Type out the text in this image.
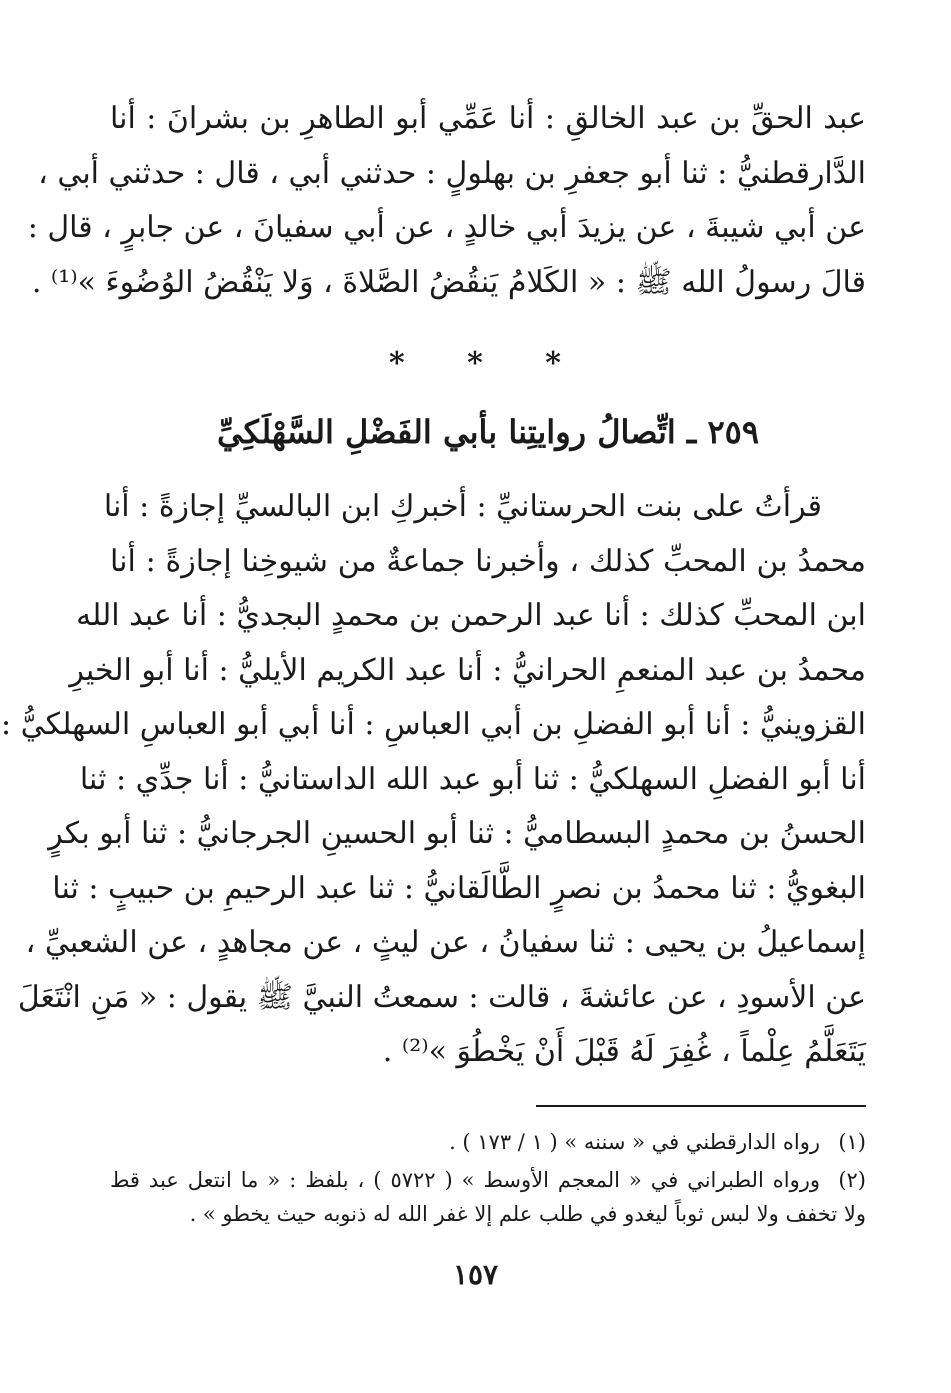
عبد الحقِّ بن عبد الخالقِ : أنا عَمِّي أبو الطاهرِ بن بشرانَ : أنا
الدَّارقطنيُّ : ثنا أبو جعفرِ بن بهلولٍ : حدثني أبي ، قال : حدثني أبي ،
عن أبي شيبةَ ، عن يزيدَ أبي خالدٍ ، عن أبي سفيانَ ، عن جابرٍ ، قال :
قالَ رسولُ الله ﷺ : « الكَلامُ يَنقُضُ الصَّلاةَ ، وَلا يَنْقُضُ الوُضُوءَ »⁽¹⁾ .
* * *
٢٥٩ ـ اتِّصالُ روايتِنا بأبي الفَضْلِ السَّهْلَكِيِّ
قرأتُ على بنت الحرستانيِّ : أخبركِ ابن البالسيِّ إجازةً : أنا
محمدُ بن المحبِّ كذلك ، وأخبرنا جماعةٌ من شيوخِنا إجازةً : أنا
ابن المحبِّ كذلك : أنا عبد الرحمن بن محمدٍ البجديُّ : أنا عبد الله
محمدُ بن عبد المنعمِ الحرانيُّ : أنا عبد الكريم الأيليُّ : أنا أبو الخيرِ
القزوينيُّ : أنا أبو الفضلِ بن أبي العباسِ : أنا أبي أبو العباسِ السهلكيُّ :
أنا أبو الفضلِ السهلكيُّ : ثنا أبو عبد الله الداستانيُّ : أنا جدِّي : ثنا
الحسنُ بن محمدٍ البسطاميُّ : ثنا أبو الحسينِ الجرجانيُّ : ثنا أبو بكرٍ
البغويُّ : ثنا محمدُ بن نصرٍ الطَّالَقانيُّ : ثنا عبد الرحيمِ بن حبيبٍ : ثنا
إسماعيلُ بن يحيى : ثنا سفيانُ ، عن ليثٍ ، عن مجاهدٍ ، عن الشعبيِّ ،
عن الأسودِ ، عن عائشةَ ، قالت : سمعتُ النبيَّ ﷺ يقول : « مَنِ انْتَعَلَ
يَتَعَلَّمُ عِلْماً ، غُفِرَ لَهُ قَبْلَ أَنْ يَخْطُوَ »⁽²⁾ .
(١)رواه الدارقطني في « سننه » ( ١ / ١٧٣ ) .
(٢)ورواه الطبراني في « المعجم الأوسط » ( ٥٧٢٢ ) ، بلفظ : « ما انتعل عبد قط
ولا تخفف ولا لبس ثوباً ليغدو في طلب علم إلا غفر الله له ذنوبه حيث يخطو » .
١٥٧
